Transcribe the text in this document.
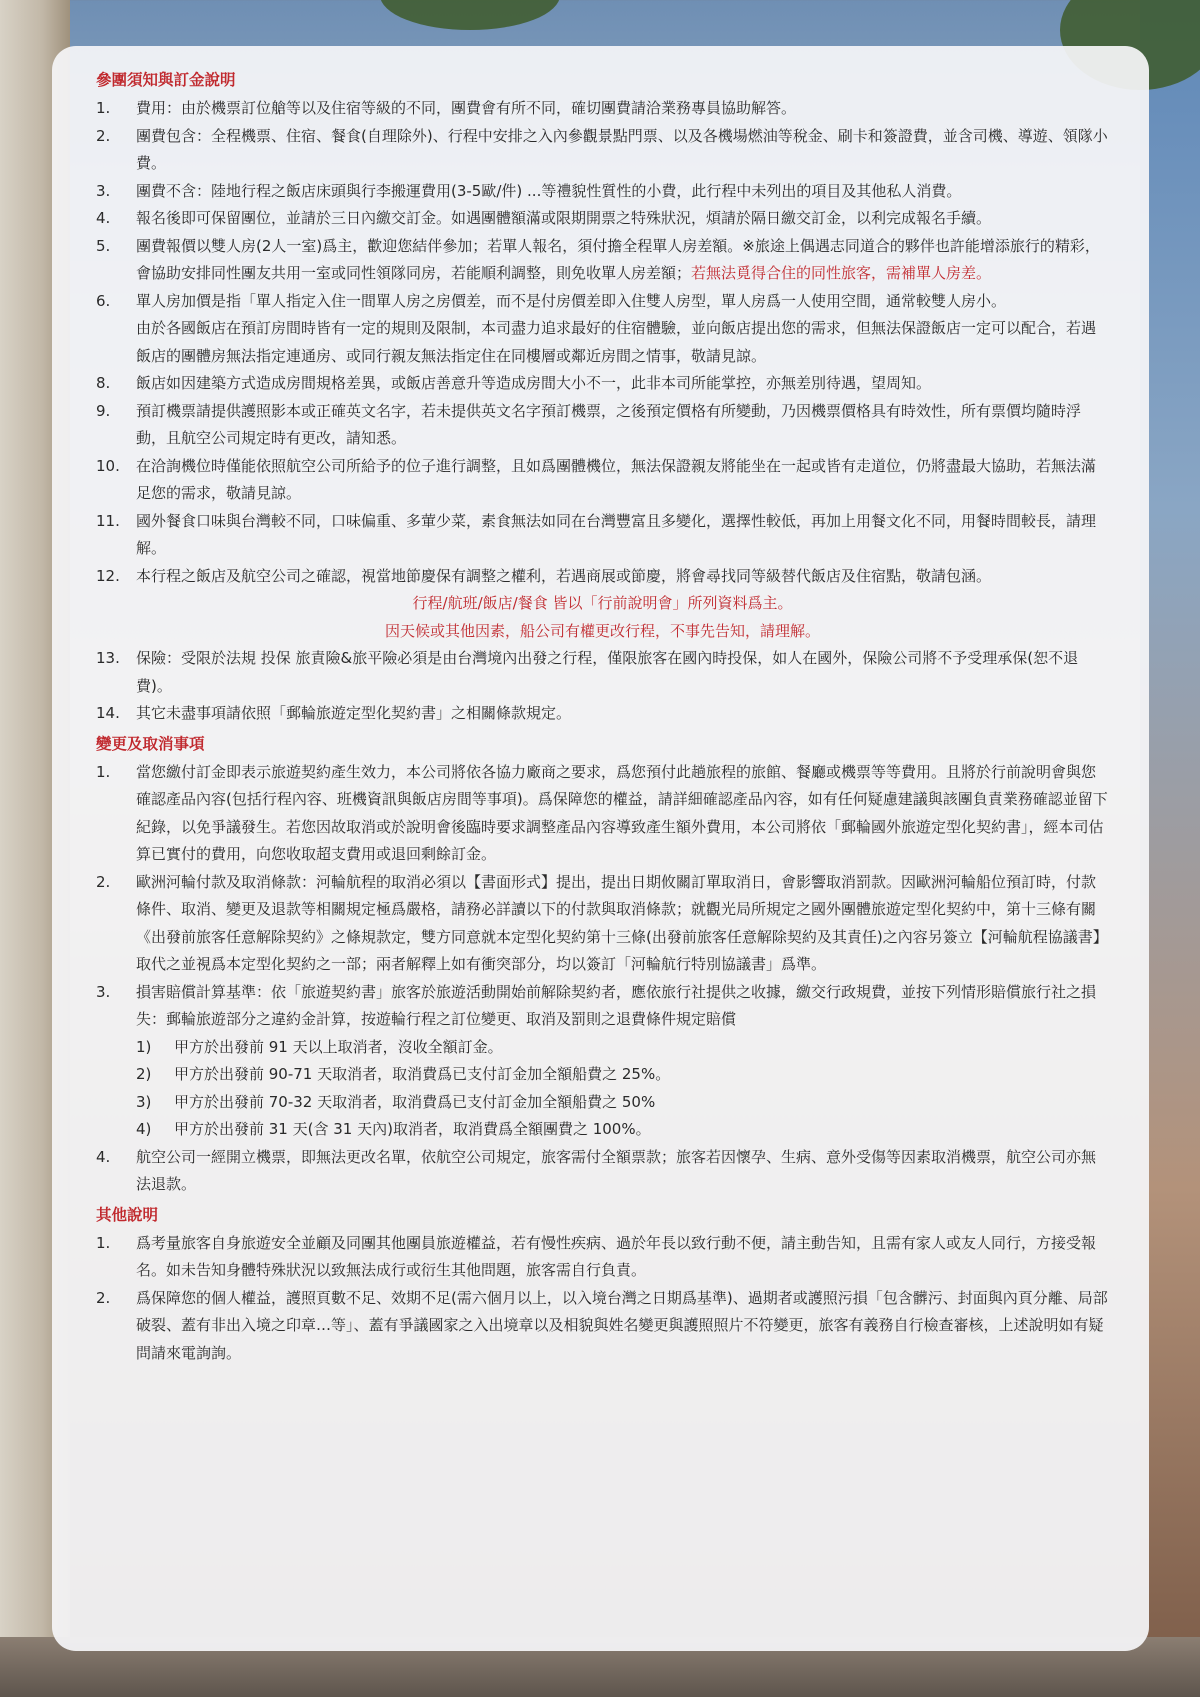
參團須知與訂金說明
1.	費用：由於機票訂位艙等以及住宿等級的不同，團費會有所不同，確切團費請洽業務專員協助解答。
2.	團費包含：全程機票、住宿、餐食(自理除外)、行程中安排之入內參觀景點門票、以及各機場燃油等稅金、刷卡和簽證費，並含司機、導遊、領隊小費。
3.	團費不含：陸地行程之飯店床頭與行李搬運費用(3-5歐/件) ...等禮貌性質性的小費，此行程中未列出的項目及其他私人消費。
4.	報名後即可保留團位，並請於三日內繳交訂金。如遇團體額滿或限期開票之特殊狀況，煩請於隔日繳交訂金，以利完成報名手續。
5.	團費報價以雙人房(2人一室)爲主，歡迎您結伴參加；若單人報名，須付擔全程單人房差額。※旅途上偶遇志同道合的夥伴也許能增添旅行的精彩，會協助安排同性團友共用一室或同性領隊同房，若能順利調整，則免收單人房差額；若無法覓得合住的同性旅客，需補單人房差。
6.	單人房加價是指「單人指定入住一間單人房之房價差，而不是付房價差即入住雙人房型，單人房爲一人使用空間，通常較雙人房小。
由於各國飯店在預訂房間時皆有一定的規則及限制，本司盡力追求最好的住宿體驗，並向飯店提出您的需求，但無法保證飯店一定可以配合，若遇飯店的團體房無法指定連通房、或同行親友無法指定住在同樓層或鄰近房間之情事，敬請見諒。
8.	飯店如因建築方式造成房間規格差異，或飯店善意升等造成房間大小不一，此非本司所能掌控，亦無差別待遇，望周知。
9.	預訂機票請提供護照影本或正確英文名字，若未提供英文名字預訂機票，之後預定價格有所變動，乃因機票價格具有時效性，所有票價均隨時浮動，且航空公司規定時有更改，請知悉。
10.	在洽詢機位時僅能依照航空公司所給予的位子進行調整，且如爲團體機位，無法保證親友將能坐在一起或皆有走道位，仍將盡最大協助，若無法滿足您的需求，敬請見諒。
11.	國外餐食口味與台灣較不同，口味偏重、多葷少菜，素食無法如同在台灣豐富且多變化，選擇性較低，再加上用餐文化不同，用餐時間較長，請理解。
12.	本行程之飯店及航空公司之確認，視當地節慶保有調整之權利，若遇商展或節慶，將會尋找同等級替代飯店及住宿點，敬請包涵。
行程/航班/飯店/餐食 皆以「行前說明會」所列資料爲主。
因天候或其他因素，船公司有權更改行程，不事先告知，請理解。
13.	保險：受限於法規 投保 旅責險&旅平險必須是由台灣境內出發之行程，僅限旅客在國內時投保，如人在國外，保險公司將不予受理承保(恕不退費)。
14.	其它未盡事項請依照「郵輪旅遊定型化契約書」之相關條款規定。
變更及取消事項
1.	當您繳付訂金即表示旅遊契約產生效力，本公司將依各協力廠商之要求，爲您預付此趟旅程的旅館、餐廳或機票等等費用。且將於行前說明會與您確認產品內容(包括行程內容、班機資訊與飯店房間等事項)。爲保障您的權益，請詳細確認產品內容，如有任何疑慮建議與該團負責業務確認並留下紀錄，以免爭議發生。若您因故取消或於說明會後臨時要求調整產品內容導致產生額外費用，本公司將依「郵輪國外旅遊定型化契約書」，經本司估算已實付的費用，向您收取超支費用或退回剩餘訂金。
2.	歐洲河輪付款及取消條款：河輪航程的取消必須以【書面形式】提出，提出日期攸關訂單取消日，會影響取消罰款。因歐洲河輪船位預訂時，付款條件、取消、變更及退款等相關規定極爲嚴格，請務必詳讀以下的付款與取消條款；就觀光局所規定之國外團體旅遊定型化契約中，第十三條有關《出發前旅客任意解除契約》之條規款定，雙方同意就本定型化契約第十三條(出發前旅客任意解除契約及其責任)之內容另簽立【河輪航程協議書】取代之並視爲本定型化契約之一部；兩者解釋上如有衝突部分，均以簽訂「河輪航行特別協議書」爲準。
3.	損害賠償計算基準：依「旅遊契約書」旅客於旅遊活動開始前解除契約者，應依旅行社提供之收據，繳交行政規費，並按下列情形賠償旅行社之損失：郵輪旅遊部分之違約金計算，按遊輪行程之訂位變更、取消及罰則之退費條件規定賠償
1)	甲方於出發前 91 天以上取消者，沒收全額訂金。
2)	甲方於出發前 90-71 天取消者，取消費爲已支付訂金加全額船費之 25%。
3)	甲方於出發前 70-32 天取消者，取消費爲已支付訂金加全額船費之 50%
4)	甲方於出發前 31 天(含 31 天內)取消者，取消費爲全額團費之 100%。
4.	航空公司一經開立機票，即無法更改名單，依航空公司規定，旅客需付全額票款；旅客若因懷孕、生病、意外受傷等因素取消機票，航空公司亦無法退款。
其他說明
1.	爲考量旅客自身旅遊安全並顧及同團其他團員旅遊權益，若有慢性疾病、過於年長以致行動不便，請主動告知，且需有家人或友人同行，方接受報名。如未告知身體特殊狀況以致無法成行或衍生其他問題，旅客需自行負責。
2.	爲保障您的個人權益，護照頁數不足、效期不足(需六個月以上，以入境台灣之日期爲基準)、過期者或護照污損「包含髒污、封面與內頁分離、局部破裂、蓋有非出入境之印章…等」、蓋有爭議國家之入出境章以及相貌與姓名變更與護照照片不符變更，旅客有義務自行檢查審核，上述說明如有疑問請來電詢詢。
